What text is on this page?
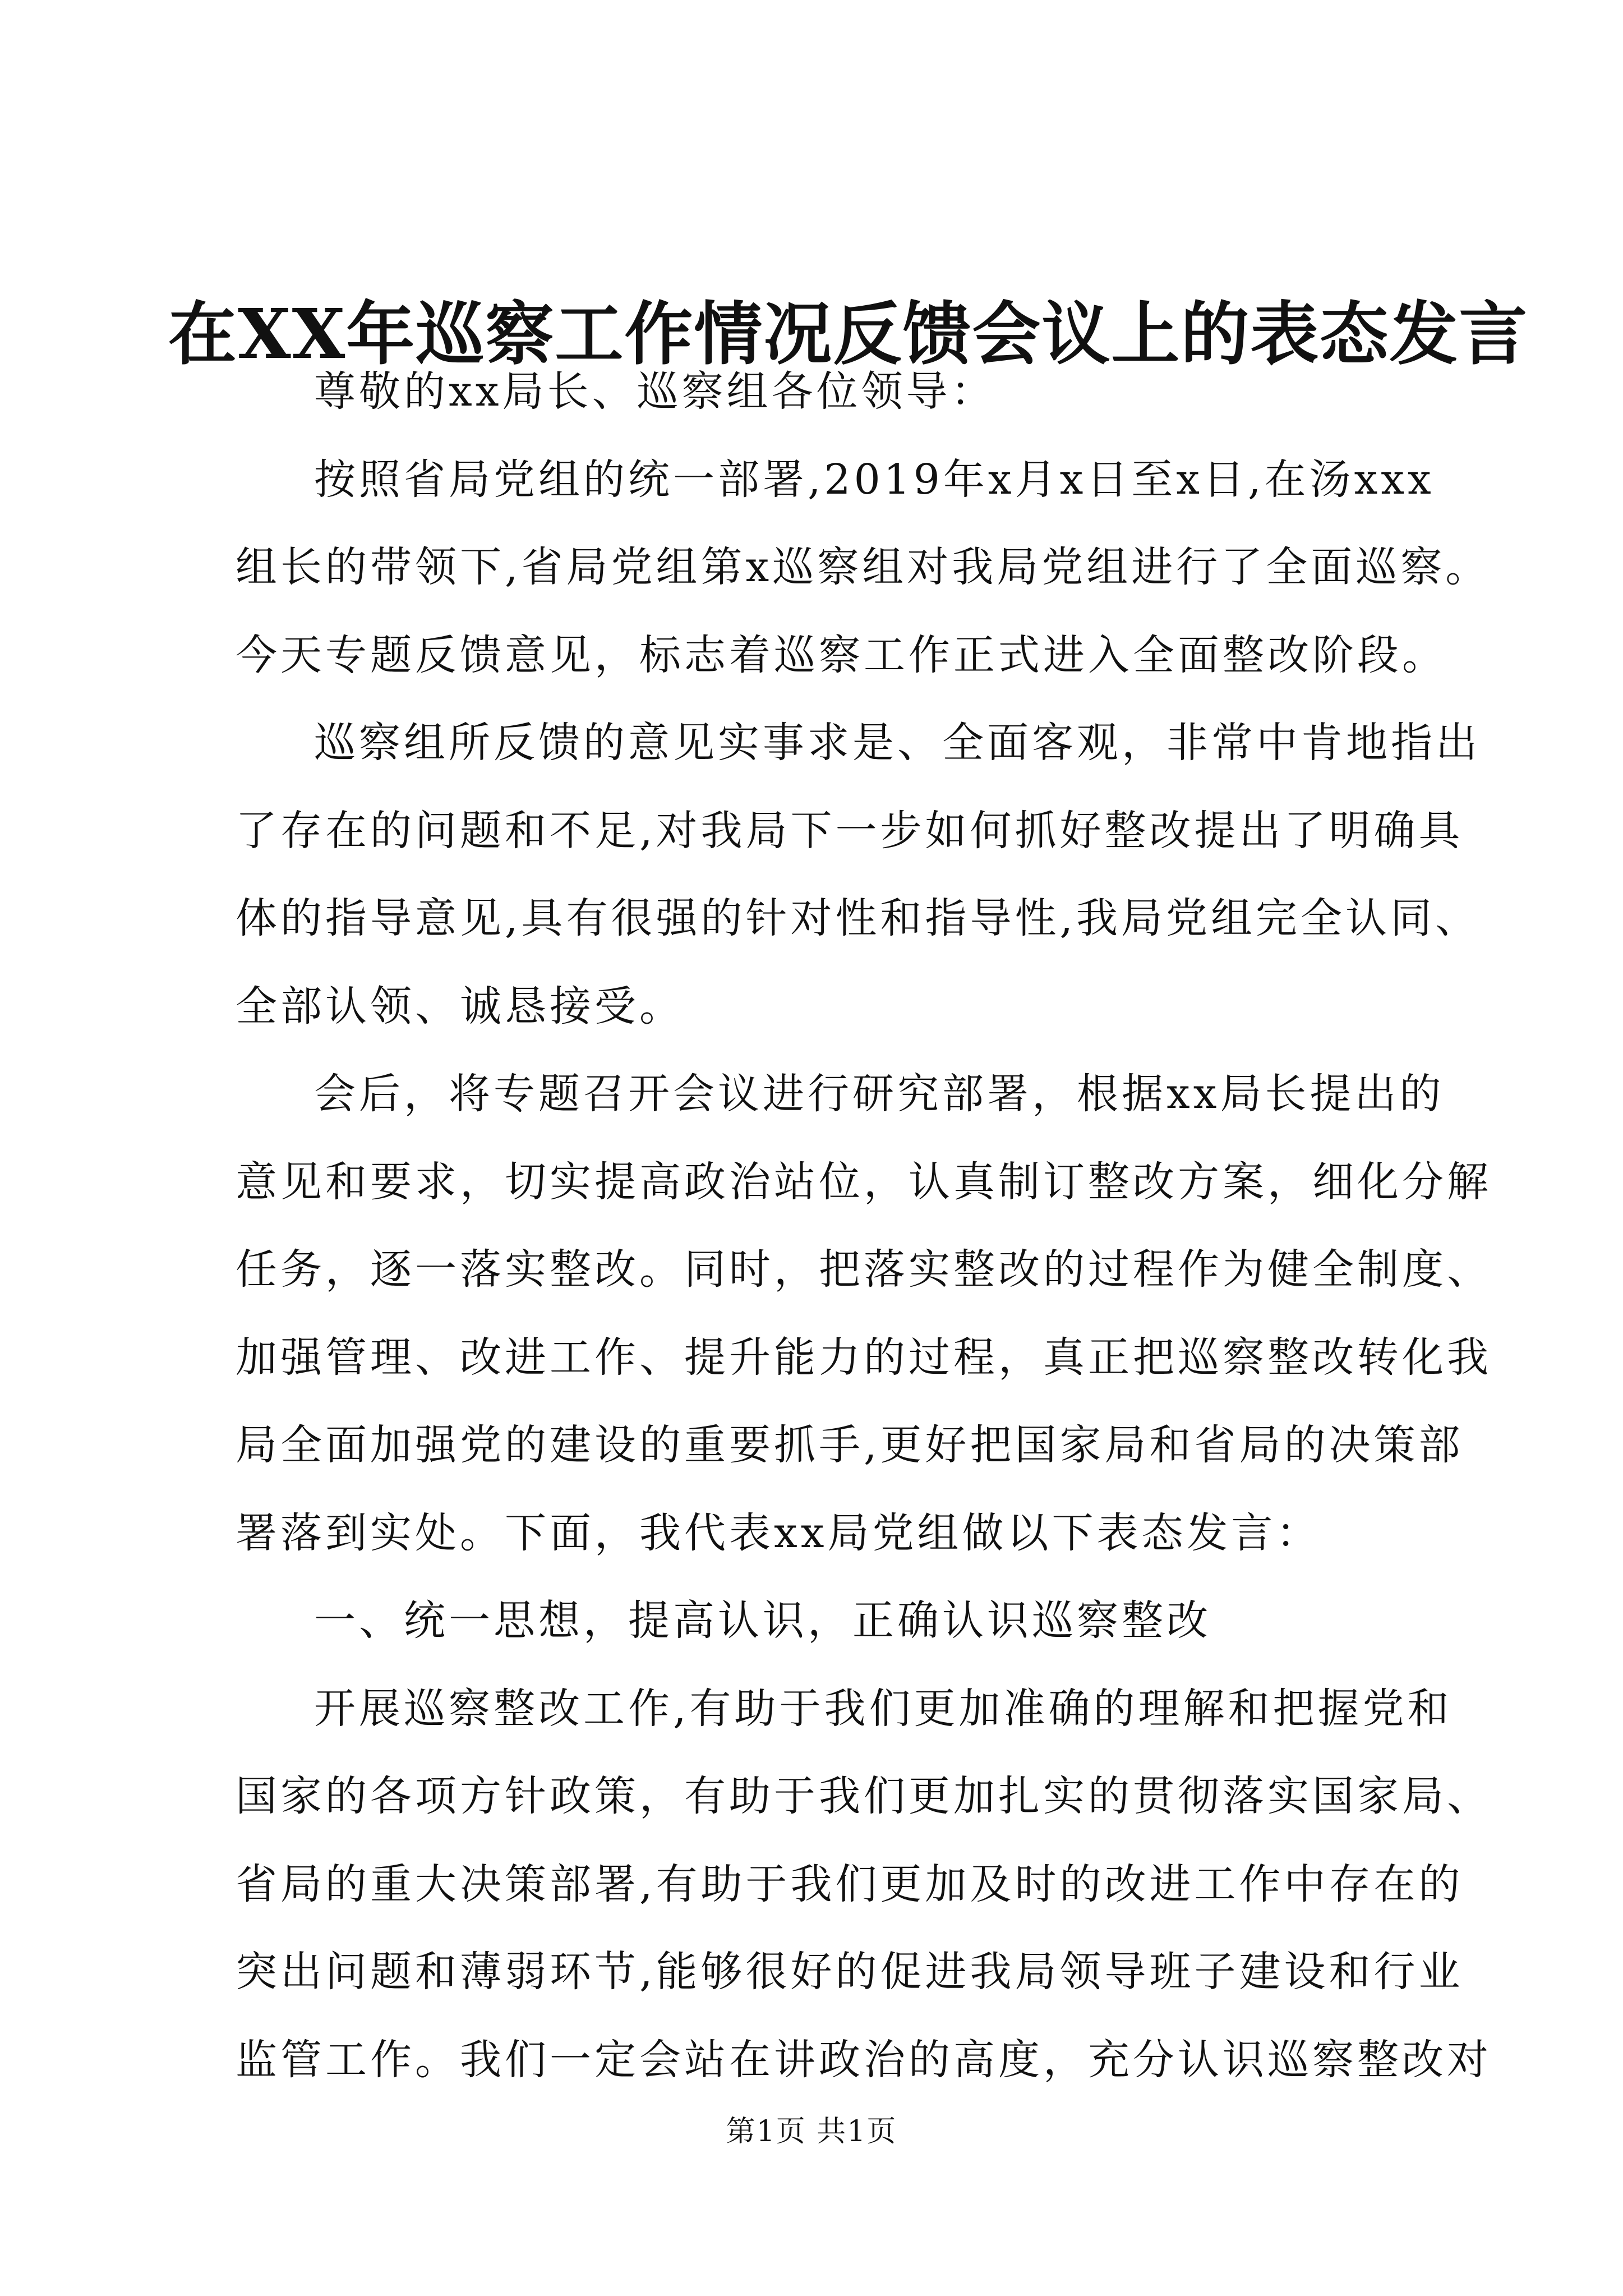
在XX年巡察工作情况反馈会议上的表态发言
尊敬的xx局长、巡察组各位领导：
按照省局党组的统一部署,2019年x月x日至x日,在汤xxx
组长的带领下,省局党组第x巡察组对我局党组进行了全面巡察。
今天专题反馈意见，标志着巡察工作正式进入全面整改阶段。
巡察组所反馈的意见实事求是、全面客观，非常中肯地指出
了存在的问题和不足,对我局下一步如何抓好整改提出了明确具
体的指导意见,具有很强的针对性和指导性,我局党组完全认同、
全部认领、诚恳接受。
会后，将专题召开会议进行研究部署，根据xx局长提出的
意见和要求，切实提高政治站位，认真制订整改方案，细化分解
任务，逐一落实整改。同时，把落实整改的过程作为健全制度、
加强管理、改进工作、提升能力的过程，真正把巡察整改转化我
局全面加强党的建设的重要抓手,更好把国家局和省局的决策部
署落到实处。下面，我代表xx局党组做以下表态发言：
一、统一思想，提高认识，正确认识巡察整改
开展巡察整改工作,有助于我们更加准确的理解和把握党和
国家的各项方针政策，有助于我们更加扎实的贯彻落实国家局、
省局的重大决策部署,有助于我们更加及时的改进工作中存在的
突出问题和薄弱环节,能够很好的促进我局领导班子建设和行业
监管工作。我们一定会站在讲政治的高度，充分认识巡察整改对
第1页 共1页
